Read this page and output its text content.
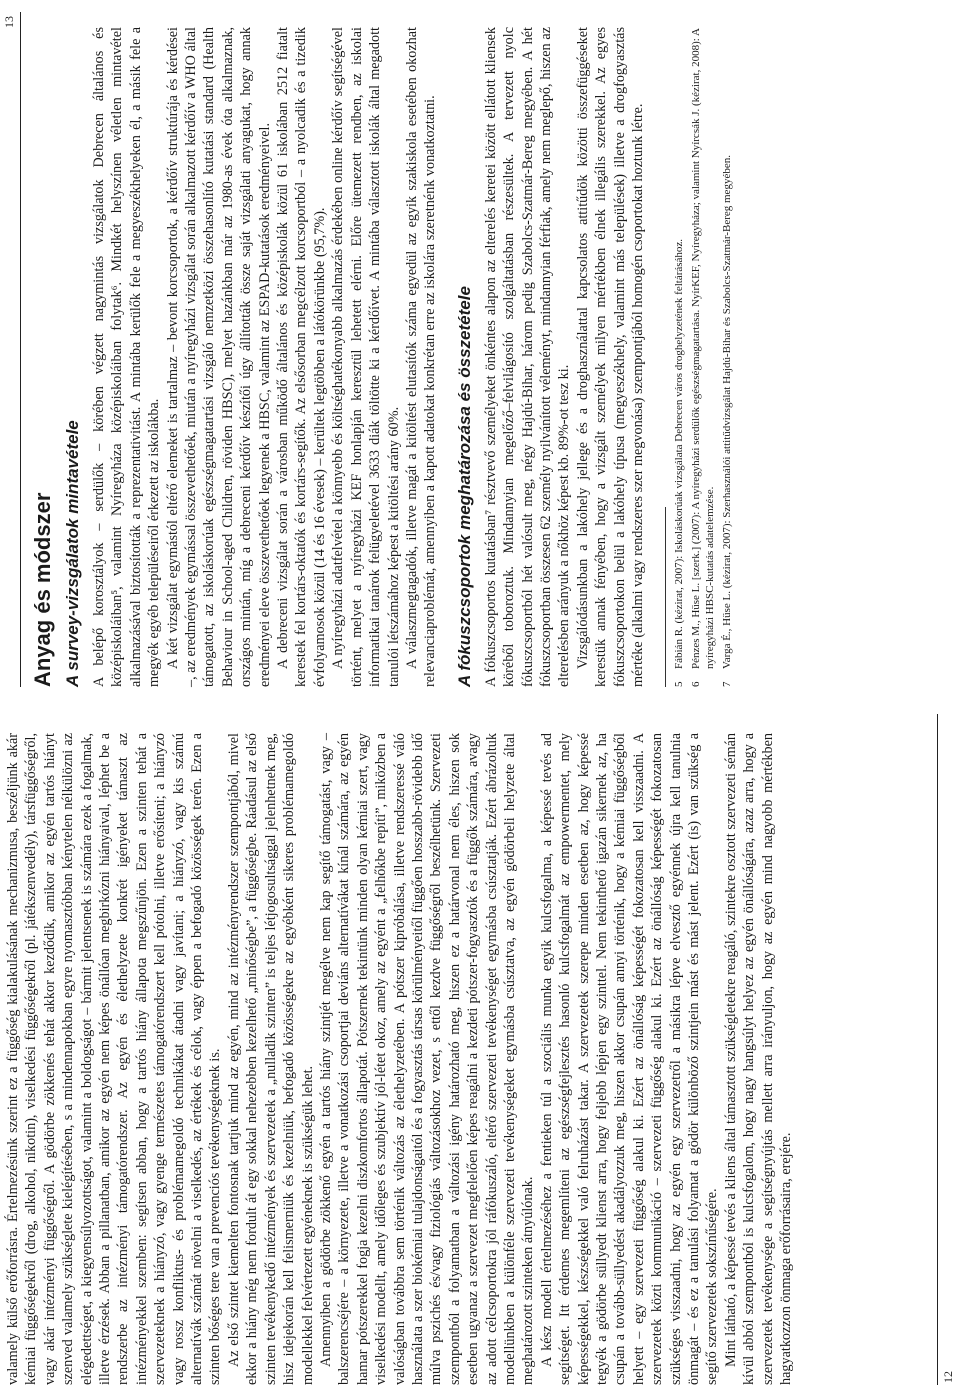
valamely külső erőforrásra. Értelmezésünk szerint ez a függőség kialakulásának mechanizmusa, beszéljünk akár kémiai függőségekről (drog, alkohol, nikotin), viselkedési függőségekről (pl. játékszenvedély), társfüggőségről, vagy akár intézményi függőségről. A gödörbe zökkenés tehát akkor kezdődik, amikor az egyén tartós hiányt szenved valamely szükséglete kielégítésében, s a mindennapokban egyre nyomasztóbban kénytelen nélkülözni az elégedettséget, a kiegyensúlyozottságot, valamint a boldogságot – bármit jelentsenek is számára ezek a fogalmak, illetve érzések. Abban a pillanatban, amikor az egyén nem képes önállóan megbirkózni hiányaival, léphet be a rendszerbe az intézményi támogatórendszer. Az egyén és élethelyzete konkrét igényeket támaszt az intézményekkel szemben: segítsen abban, hogy a tartós hiány állapota megszűnjön. Ezen a szinten tehát a szervezeteknek a hiányzó, vagy gyenge természetes támogatórendszert kell pótolni, illetve erősíteni; a hiányzó vagy rossz konfliktus- és problémamegoldó technikákat átadni vagy javítani; a hiányzó, vagy kis számú alternatívák számát növelni a viselkedés, az értékek és célok, vagy éppen a befogadó közösségek terén. Ezen a szinten bőséges tere van a prevenciós tevékenységeknek is. Az első szintet kiemelten fontosnak tartjuk mind az egyén, mind az intézményrendszer szempontjából, mivel ekkor a hiány még nem fordult át egy sokkal nehezebben kezelhető „minőségbe”, a függőségbe. Ráadásul az első szinten tevékenykedő intézmények és szervezetek a „nulladik szinten” is teljes létjogosultsággal jelenhetnek meg, hisz idejekorán kell felismerniük és kezelniük, befogadó közösségekre az egyébként sikeres problémamegoldó modellekkel felvértezett egyéneknek is szükségük lehet. Amennyiben a gödörbe zökkenő egyén a tartós hiány szintjét megélve nem kap segítő támogatást, vagy – balszerencséjére – a környezete, illetve a vonatkozási csoportjai deviáns alternatívákat kínál számára, az egyén hamar pótszerekkel fogja kezelni diszkomfortos állapotát. Pótszernek tekintünk minden olyan kémiai szert, vagy viselkedési modellt, amely időleges és szubjektív jól-létet okoz, amely az egyént a „felhőkbe repíti”, miközben a valóságban továbbra sem történik változás az élethelyzetében. A pótszer kipróbálása, illetve rendszeressé váló használata a szer biokémiai tulajdonságaitól és a fogyasztás társas körülményeitől függően hosszabb-rövidebb idő múlva pszichés és/vagy fiziológiás változásokhoz vezet, s ettől kezdve függőségről beszélhetünk. Szervezeti szempontból a folyamatban a változási igény határozható meg, hiszen ez a határvonal nem éles, hiszen sok esetben ugyanaz a szervezet megfelelően képes reagálni a kezdeti pótszer-fogyasztók és a függők számára, avagy az adott célcsoportokra jól ráfókuszáló, eltérő szervezeti tevékenységet egymásba csúsztatják. Ezért ábrázoltuk modellünkben a különféle szervezeti tevékenységeket egymásba csúsztatva, az egyén gödörbeli helyzete által meghatározott szinteken átnyúlónak. A kész modell értelmezéséhez a fentieken túl a szociális munka egyik kulcsfogalma, a képessé tevés ad segítséget. Itt érdemes megemlíteni az egészségfejlesztés hasonló kulcsfogalmát az empowermentet, mely képességekkel, készségekkel való felruházást takar. A szervezetek szerepe minden esetben az, hogy képessé tegyék a gödörbe süllyedt klienst arra, hogy feljebb lépjen egy szinttel. Nem tekinthető igazán sikernek az, ha csupán a tovább-süllyedést akadályozzuk meg, hiszen akkor csupán annyi történik, hogy a kémiai függőségből helyett – egy szervezeti függőség alakul ki. Ezért az önállóság képességét fokozatosan kell visszaadni. A szervezetek közti kommunikáció – szervezeti függőség alakul ki. Ezért az önállóság képességét fokozatosan szükséges visszaadni, hogy az egyén egy szervezetről a másikra lépve elvesztő egyénnek újra kell tanulnia önmagát – és ez a tanulási folyamat a gödör különböző szintjein mást és mást jelent. Ezért (is) van szükség a segítő szervezetek sokszínűségére. Mint látható, a képessé tevés a kliens által támasztott szükségletekre reagáló, szintekre osztott szervezeti sémán kívül abból szempontból is kulcsfogalom, hogy nagy hangsúlyt helyez az egyén önállóságára, azaz arra, hogy a szervezetek tevékenysége a segítségnyújtás mellett arra irányuljon, hogy az egyén mind nagyobb mértékben hagyatkozzon önmaga erőforrásaira, erejére.	12
13
Anyag és módszer A survey-vizsgálatok mintavétele A belépő korosztályok – serdülők – körében végzett nagymintás vizsgálatok Debrecen általános és középiskoláiban⁵, valamint Nyíregyháza középiskoláiban folytak⁶. Mindkét helyszínen véletlen mintavétel alkalmazásával biztosították a reprezentativitást. A mintába kerülők fele a megyeszékhelyeken él, a másik fele a megyék egyéb településeiről érkezett az iskolákba. A két vizsgálat egymástól eltérő elemeket is tartalmaz – bevont korcsoportok, a kérdőív struktúrája és kérdései –, az eredmények egymással összevethetőek, miután a nyíregyházi vizsgálat során alkalmazott kérdőív a WHO által támogatott, az iskoláskorúak egészségmagatartási vizsgáló nemzetközi összehasonlító kutatási standard (Health Behaviour in School-aged Children, röviden HBSC), melyet hazánkban már az 1980-as évek óta alkalmaznak, országos mintán, míg a debreceni kérdőív készítői úgy állították össze saját vizsgálati anyagukat, hogy annak eredményei eleve összevethetőek legyenek a HBSC, valamint az ESPAD-kutatások eredményeivel. A debreceni vizsgálat során a városban működő általános és középiskolák közül 61 iskolában 2512 fiatalt kerestek fel kortárs-oktatók és kortárs-segítők. Az elsősorban megcélzott korcsoportból – a nyolcadik és a tizedik évfolyamosok közül (14 és 16 évesek) – kerültek legtöbben a látókörünkbe (95,7%). A nyíregyházi adatfelvétel a könnyebb és költséghatékonyabb alkalmazás érdekében online kérdőív segítségével történt, melyet a nyíregyházi KEF honlapján keresztül lehetett elérni. Előre ütemezett rendben, az iskolai informatikai tanárok felügyeletével 3633 diák töltötte ki a kérdőívet. A mintába választott iskolák által megadott tanulói létszámához képest a kitöltési arány 60%. A válaszmegtagadók, illetve magát a kitöltést elutasítók száma egyedül az egyik szakiskola esetében okozhat relevanciaproblémát, amennyiben a kapott adatokat konkrétan erre az iskolára szeretnénk vonatkoztatni. A fókuszcsoportok meghatározása és összetétele A fókuszcsoportos kutatásban⁷ résztvevő személyeket önkéntes alapon az elterelés keretei között ellátott kliensek köréből toboroztuk. Mindannyian megelőző–felvilágosító szolgáltatásban részesültek. A tervezett nyolc fókuszcsoportból hét valósult meg, négy Hajdú-Bihar, három pedig Szabolcs-Szatmár-Bereg megyében. A hét fókuszcsoportban összesen 62 személy nyilvánított véleményt, mindannyian férfiak, amely nem meglepő, hiszen az elterelésben arányuk a nőkhöz képest kb. 89%-ot tesz ki. Vizsgálódásunkban a lakóhely jellege és a droghasználattal kapcsolatos attitűdök közötti összefüggéseket kerestük annak fényében, hogy a vizsgált személyek milyen mértékben élnek illegális szerekkel. Az egyes fókuszcsoportokon belül a lakóhely típusa (megyeszékhely, valamint más települések) illetve a drogfogyasztás mértéke (alkalmi vagy rendszeres szer megvonása) szempontjából homogén csoportokat hoztunk létre. 5Fábián R. (kézirat, 2007): Iskoláskorúak vizsgálata Debrecen város droghelyzetének feltárásához.
6Pénzes M., Hüse L. [szerk.] (2007): A nyíregyházi serdülők egészségmagatartása. NyírKEF, Nyíregyháza; valamint Nyírcsák J. (kézirat, 2008): A nyíregyházi HBSC-kutatás adatelemzése.
7Varga É., Hüse L. (kézirat, 2007): Szerhasználói attitűdvizsgálat Hajdú-Bihar és Szabolcs-Szatmár-Bereg megyében.
